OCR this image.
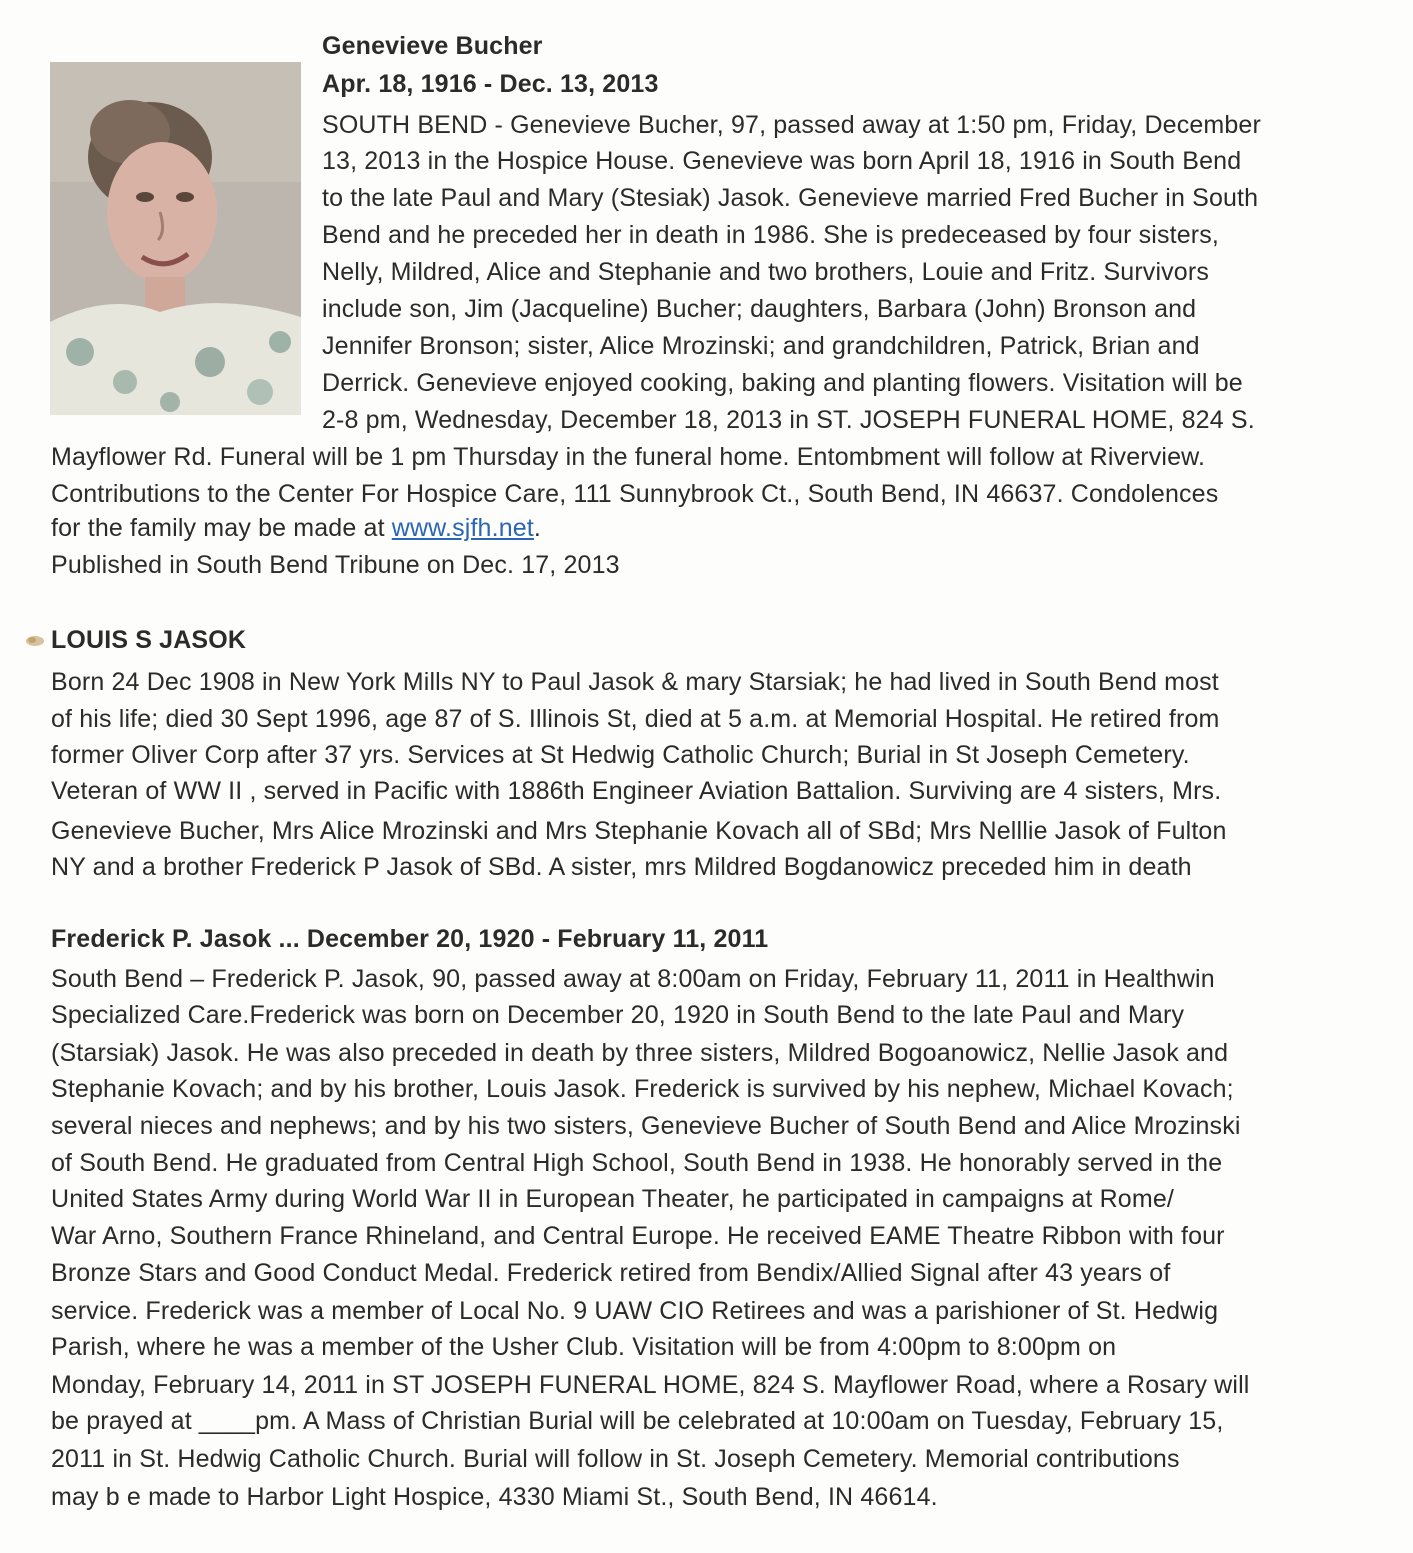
Genevieve Bucher
Apr. 18, 1916 - Dec. 13, 2013
SOUTH BEND - Genevieve Bucher, 97, passed away at 1:50 pm, Friday, December
13, 2013 in the Hospice House. Genevieve was born April 18, 1916 in South Bend
to the late Paul and Mary (Stesiak) Jasok. Genevieve married Fred Bucher in South
Bend and he preceded her in death in 1986. She is predeceased by four sisters,
Nelly, Mildred, Alice and Stephanie and two brothers, Louie and Fritz. Survivors
include son, Jim (Jacqueline) Bucher; daughters, Barbara (John) Bronson and
Jennifer Bronson; sister, Alice Mrozinski; and grandchildren, Patrick, Brian and
Derrick. Genevieve enjoyed cooking, baking and planting flowers. Visitation will be
2-8 pm, Wednesday, December 18, 2013 in ST. JOSEPH FUNERAL HOME, 824 S.
Mayflower Rd. Funeral will be 1 pm Thursday in the funeral home. Entombment will follow at Riverview.
Contributions to the Center For Hospice Care, 111 Sunnybrook Ct., South Bend, IN 46637. Condolences
for the family may be made at www.sjfh.net.
Published in South Bend Tribune on Dec. 17, 2013
LOUIS S JASOK
Born 24 Dec 1908 in New York Mills NY to Paul Jasok & mary Starsiak; he had lived in South Bend most
of his life; died 30 Sept 1996, age 87 of S. Illinois St, died at 5 a.m. at Memorial Hospital. He retired from
former Oliver Corp after 37 yrs. Services at St Hedwig Catholic Church; Burial in St Joseph Cemetery.
Veteran of WW II , served in Pacific with 1886th Engineer Aviation Battalion. Surviving are 4 sisters, Mrs.
Genevieve Bucher, Mrs Alice Mrozinski and Mrs Stephanie Kovach all of SBd; Mrs Nelllie Jasok of Fulton
NY and a brother Frederick P Jasok of SBd. A sister, mrs Mildred Bogdanowicz preceded him in death
Frederick P. Jasok ... December 20, 1920 - February 11, 2011
South Bend – Frederick P. Jasok, 90, passed away at 8:00am on Friday, February 11, 2011 in Healthwin
Specialized Care.Frederick was born on December 20, 1920 in South Bend to the late Paul and Mary
(Starsiak) Jasok. He was also preceded in death by three sisters, Mildred Bogoanowicz, Nellie Jasok and
Stephanie Kovach; and by his brother, Louis Jasok. Frederick is survived by his nephew, Michael Kovach;
several nieces and nephews; and by his two sisters, Genevieve Bucher of South Bend and Alice Mrozinski
of South Bend. He graduated from Central High School, South Bend in 1938. He honorably served in the
United States Army during World War II in European Theater, he participated in campaigns at Rome/
War Arno, Southern France Rhineland, and Central Europe. He received EAME Theatre Ribbon with four
Bronze Stars and Good Conduct Medal. Frederick retired from Bendix/Allied Signal after 43 years of
service. Frederick was a member of Local No. 9 UAW CIO Retirees and was a parishioner of St. Hedwig
Parish, where he was a member of the Usher Club. Visitation will be from 4:00pm to 8:00pm on
Monday, February 14, 2011 in ST JOSEPH FUNERAL HOME, 824 S. Mayflower Road, where a Rosary will
be prayed at ____pm. A Mass of Christian Burial will be celebrated at 10:00am on Tuesday, February 15,
2011 in St. Hedwig Catholic Church. Burial will follow in St. Joseph Cemetery. Memorial contributions
may b e made to Harbor Light Hospice, 4330 Miami St., South Bend, IN 46614.
